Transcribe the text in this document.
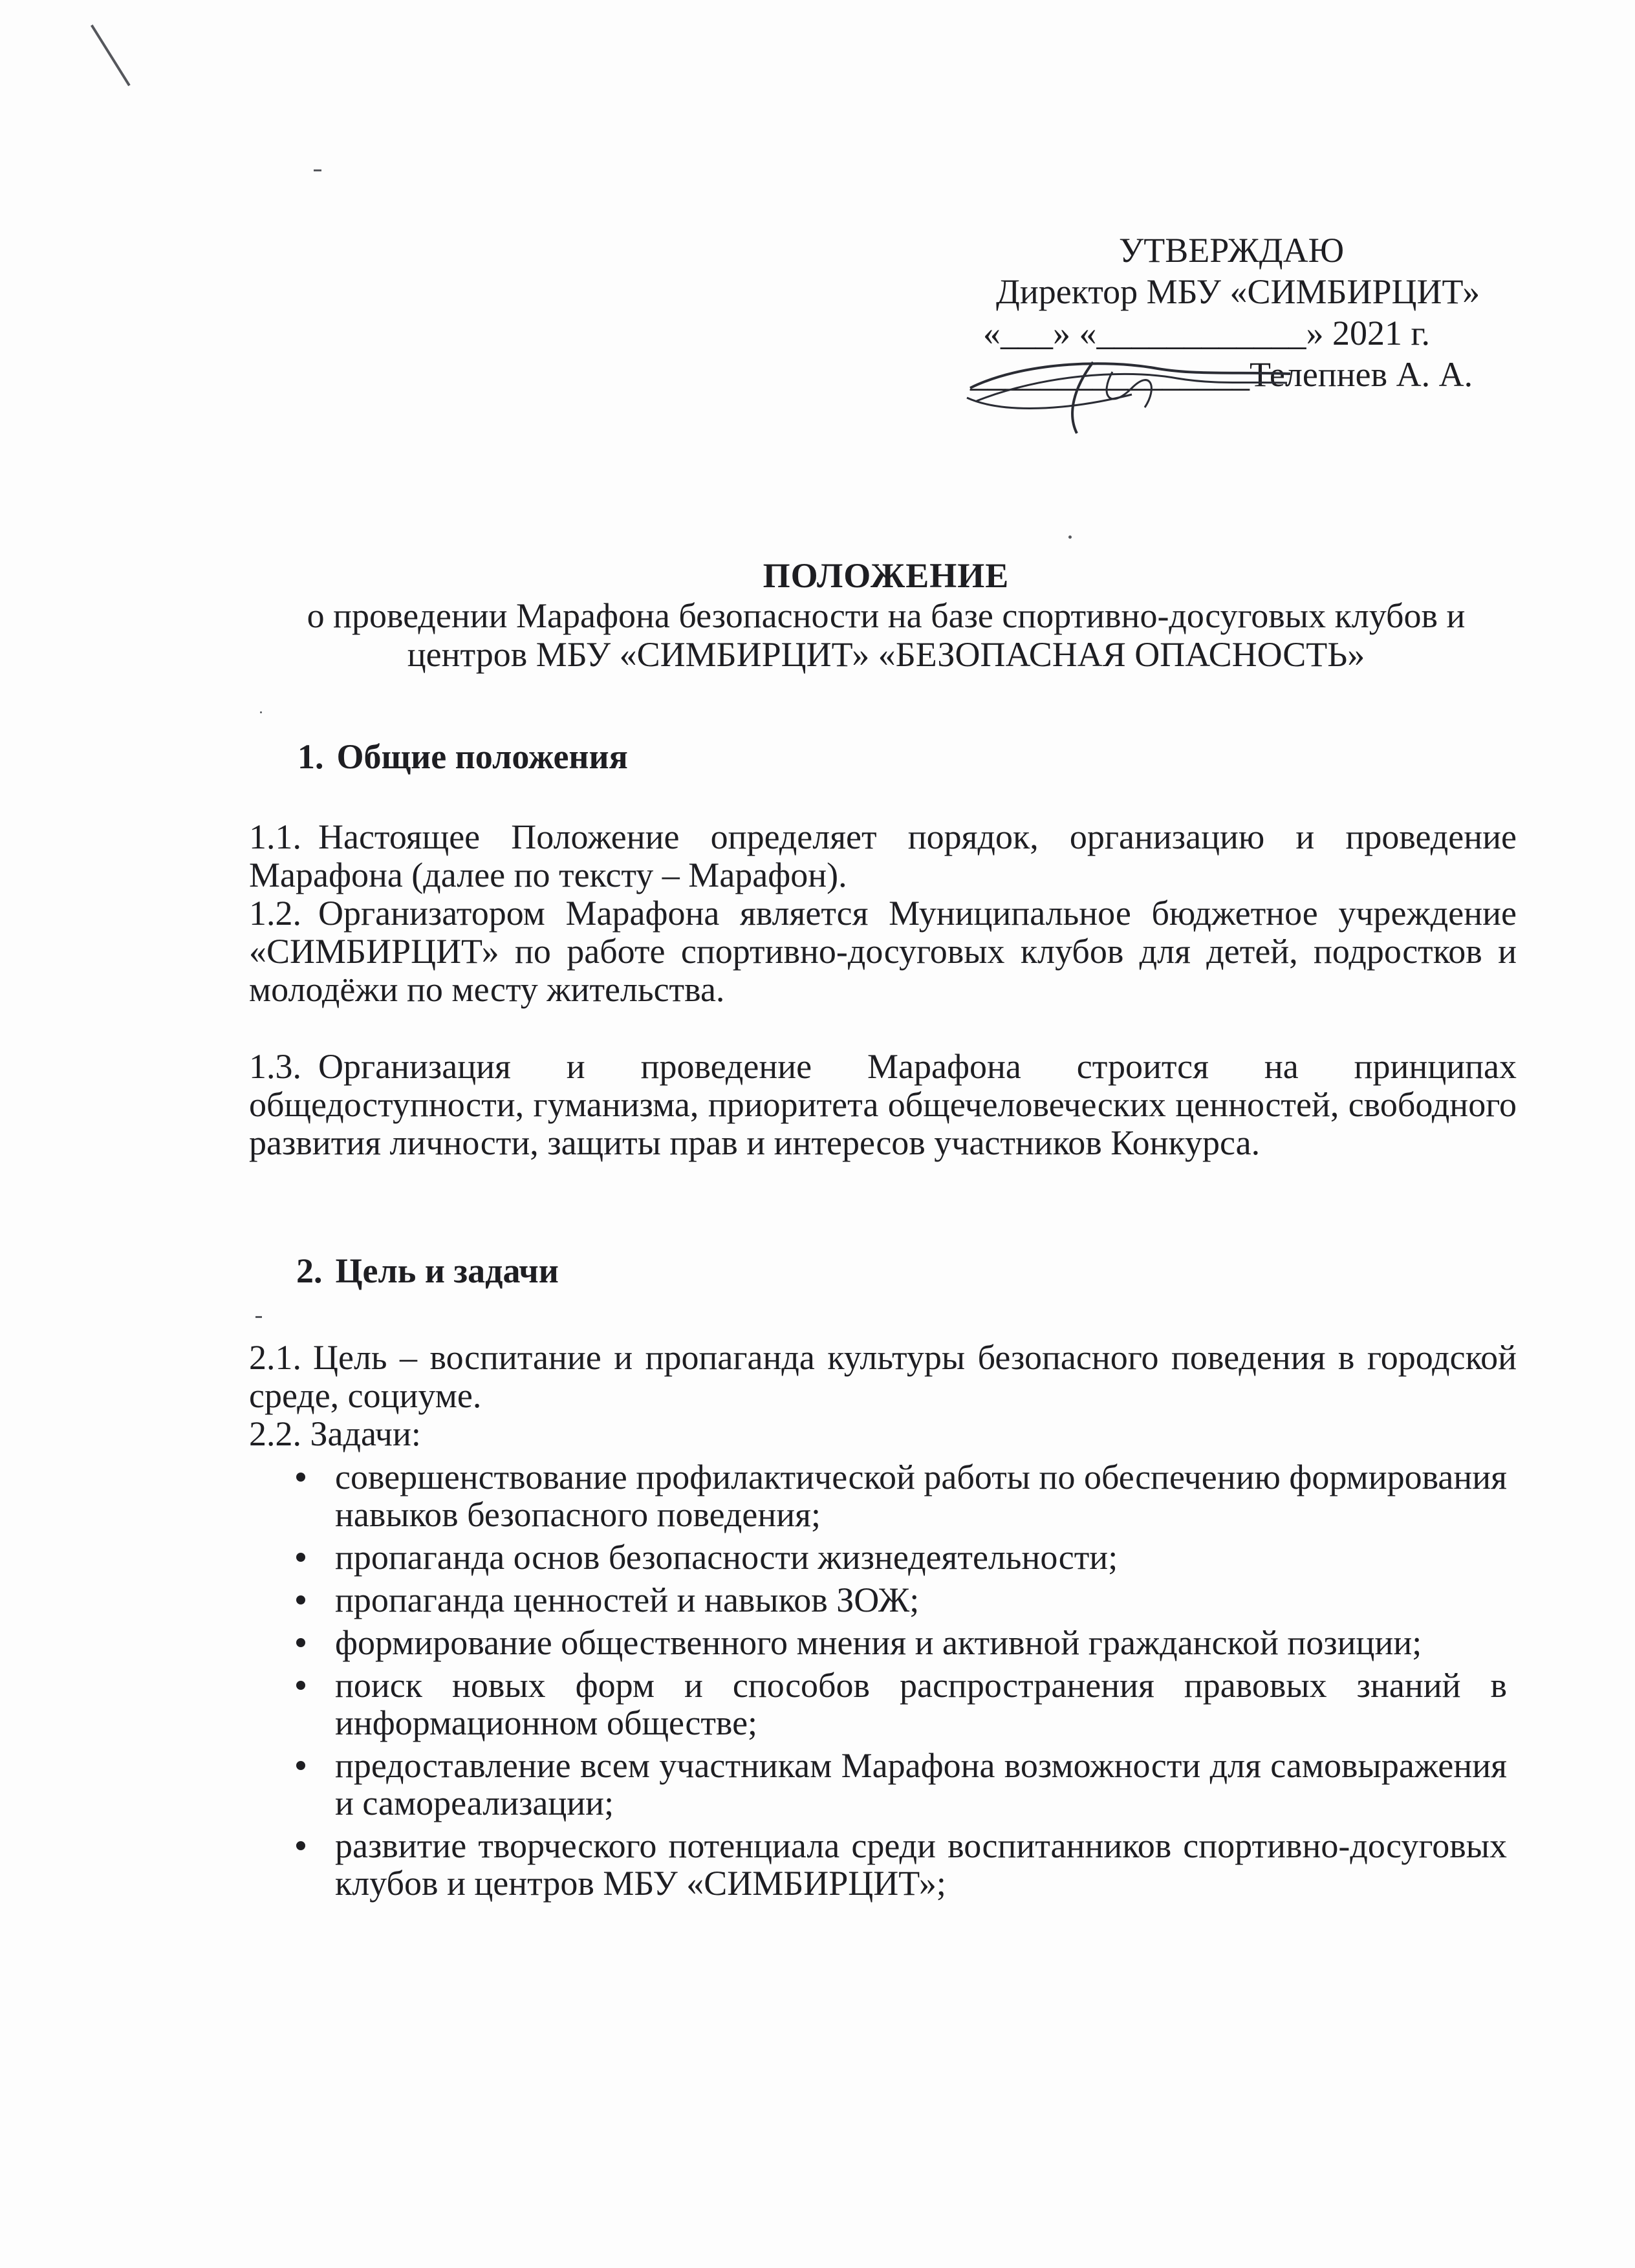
УТВЕРЖДАЮ
Директор МБУ «СИМБИРЦИТ»
«___» «____________» 2021 г.
________________Телепнев А. А.
ПОЛОЖЕНИЕ
о проведении Марафона безопасности на базе спортивно-досуговых клубов и
центров МБУ «СИМБИРЦИТ» «БЕЗОПАСНАЯ ОПАСНОСТЬ»
1. Общие положения
1.1. Настоящее Положение определяет порядок, организацию и проведение Марафона (далее по тексту – Марафон).
1.2. Организатором Марафона является Муниципальное бюджетное учреждение «СИМБИРЦИТ» по работе спортивно-досуговых клубов для детей, подростков и молодёжи по месту жительства.
1.3. Организация и проведение Марафона строится на принципах общедоступности, гуманизма, приоритета общечеловеческих ценностей, свободного развития личности, защиты прав и интересов участников Конкурса.
2. Цель и задачи
2.1. Цель – воспитание и пропаганда культуры безопасного поведения в городской среде, социуме.
2.2. Задачи:
совершенствование профилактической работы по обеспечению формирования навыков безопасного поведения;
пропаганда основ безопасности жизнедеятельности;
пропаганда ценностей и навыков ЗОЖ;
формирование общественного мнения и активной гражданской позиции;
поиск новых форм и способов распространения правовых знаний в информационном обществе;
предоставление всем участникам Марафона возможности для самовыражения и самореализации;
развитие творческого потенциала среди воспитанников спортивно-досуговых клубов и центров МБУ «СИМБИРЦИТ»;
